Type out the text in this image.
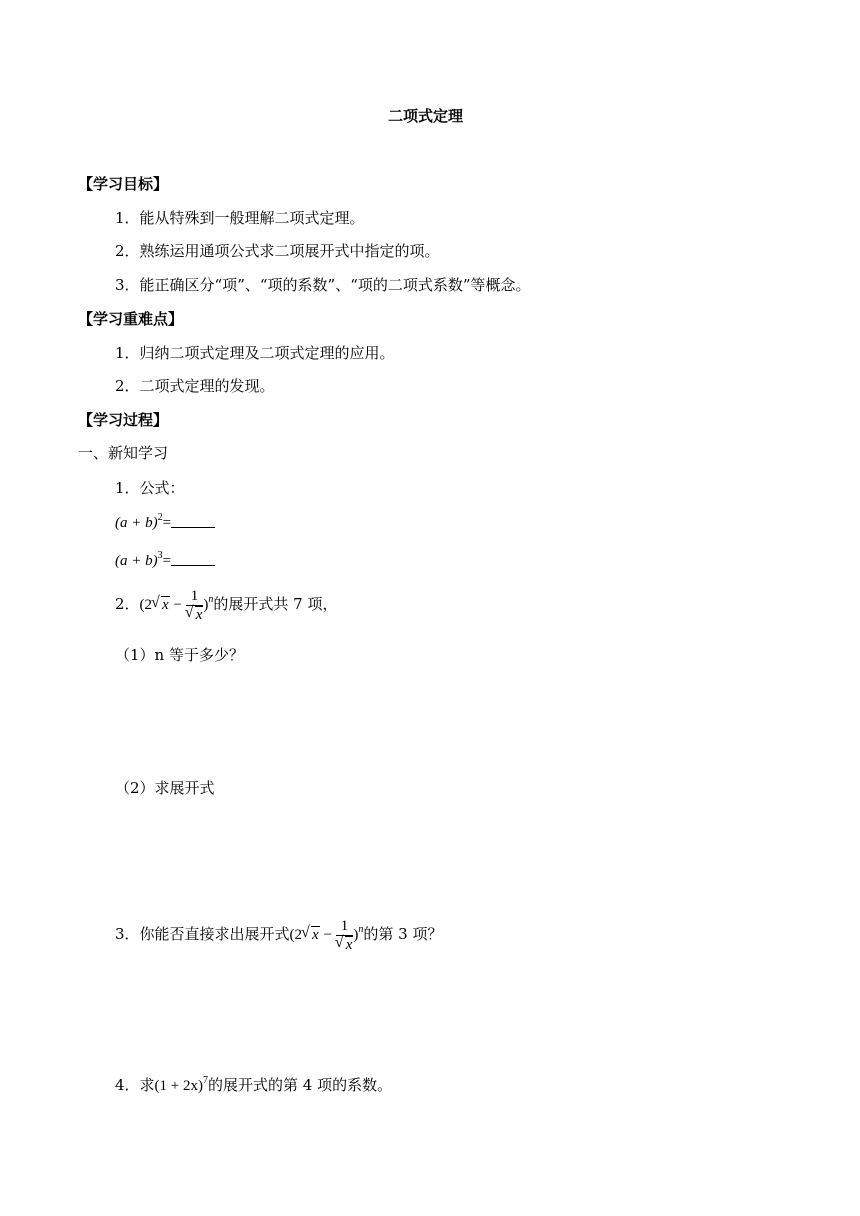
二项式定理
【学习目标】
1．能从特殊到一般理解二项式定理。
2．熟练运用通项公式求二项展开式中指定的项。
3．能正确区分“项”、“项的系数”、“项的二项式系数”等概念。
【学习重难点】
1．归纳二项式定理及二项式定理的应用。
2．二项式定理的发现。
【学习过程】
一、新知学习
1．公式：
$(a + b)^2=$
$(a + b)^3=$
2．(2 √ x − 1
√ x )$^n$的展开式共 7 项，
（1）n 等于多少？
（2）求展开式
3．你能否直接求出展开式(2 √ x − 1
√ x )$^n$的第 3 项？
4．求$(1 + 2x)^7$的展开式的第 4 项的系数。
